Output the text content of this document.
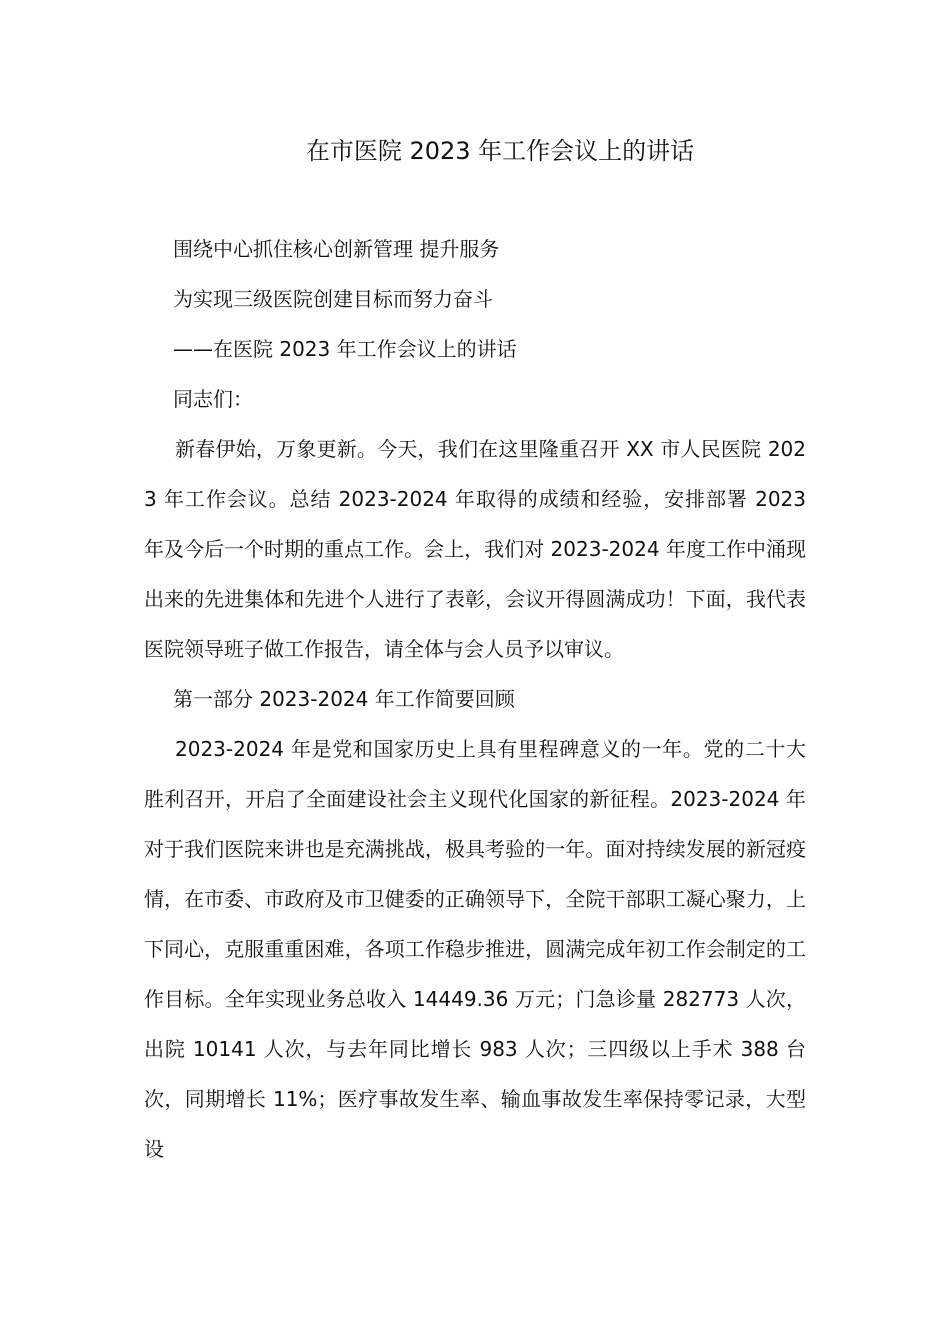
在市医院 2023 年工作会议上的讲话

围绕中心抓住核心创新管理 提升服务

为实现三级医院创建目标而努力奋斗

——在医院 2023 年工作会议上的讲话

同志们：

新春伊始，万象更新。今天，我们在这里隆重召开 XX 市人民医院 2023 年工作会议。总结 2023-2024 年取得的成绩和经验，安排部署 2023 年及今后一个时期的重点工作。会上，我们对 2023-2024 年度工作中涌现出来的先进集体和先进个人进行了表彰，会议开得圆满成功！下面，我代表医院领导班子做工作报告，请全体与会人员予以审议。

第一部分 2023-2024 年工作简要回顾

2023-2024 年是党和国家历史上具有里程碑意义的一年。党的二十大胜利召开，开启了全面建设社会主义现代化国家的新征程。2023-2024 年对于我们医院来讲也是充满挑战，极具考验的一年。面对持续发展的新冠疫情，在市委、市政府及市卫健委的正确领导下，全院干部职工凝心聚力，上下同心，克服重重困难，各项工作稳步推进，圆满完成年初工作会制定的工作目标。全年实现业务总收入 14449.36 万元；门急诊量 282773 人次，出院 10141 人次，与去年同比增长 983 人次；三四级以上手术 388 台次，同期增长 11%；医疗事故发生率、输血事故发生率保持零记录，大型设
